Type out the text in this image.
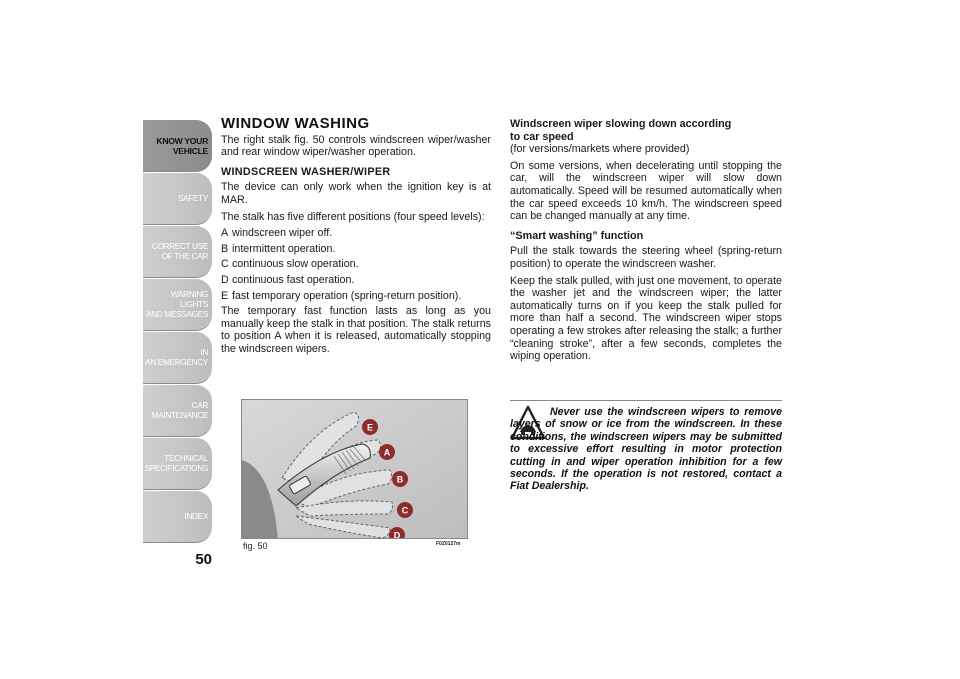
KNOW YOUR
VEHICLE
SAFETY
CORRECT USE
OF THE CAR
WARNING LIGHTS
AND MESSAGES
IN
AN EMERGENCY
CAR
MAINTENANCE
TECHNICAL
SPECIFICATIONS
INDEX
50
WINDOW WASHING

The right stalk fig. 50 controls windscreen wiper/washer and rear window wiper/washer operation.

WINDSCREEN WASHER/WIPER

The device can only work when the ignition key is at MAR.

The stalk has five different positions (four speed levels):

A windscreen wiper off.
B intermittent operation.
C continuous slow operation.
D continuous fast operation.
E fast temporary operation (spring-return position).

The temporary fast function lasts as long as you manually keep the stalk in that position. The stalk returns to position A when it is released, automatically stopping the windscreen wipers.

E
A
B
C
D
fig. 50	F0Z0127m
Windscreen wiper slowing down according
to car speed

(for versions/markets where provided)

On some versions, when decelerating until stopping the car, will the windscreen wiper will slow down automatically. Speed will be resumed automatically when the car speed exceeds 10 km/h. The windscreen speed can be changed manually at any time.

“Smart washing” function

Pull the stalk towards the steering wheel (spring-return position) to operate the windscreen washer.

Keep the stalk pulled, with just one movement, to operate the washer jet and the windscreen wiper; the latter automatically turns on if you keep the stalk pulled for more than half a second. The windscreen wiper stops operating a few strokes after releasing the stalk; a further “cleaning stroke”, after a few seconds, completes the wiping operation.

Never use the windscreen wipers to remove layers of snow or ice from the windscreen. In these conditions, the windscreen wipers may be submitted to excessive effort resulting in motor protection cutting in and wiper operation inhibition for a few seconds. If the operation is not restored, contact a Fiat Dealership.
